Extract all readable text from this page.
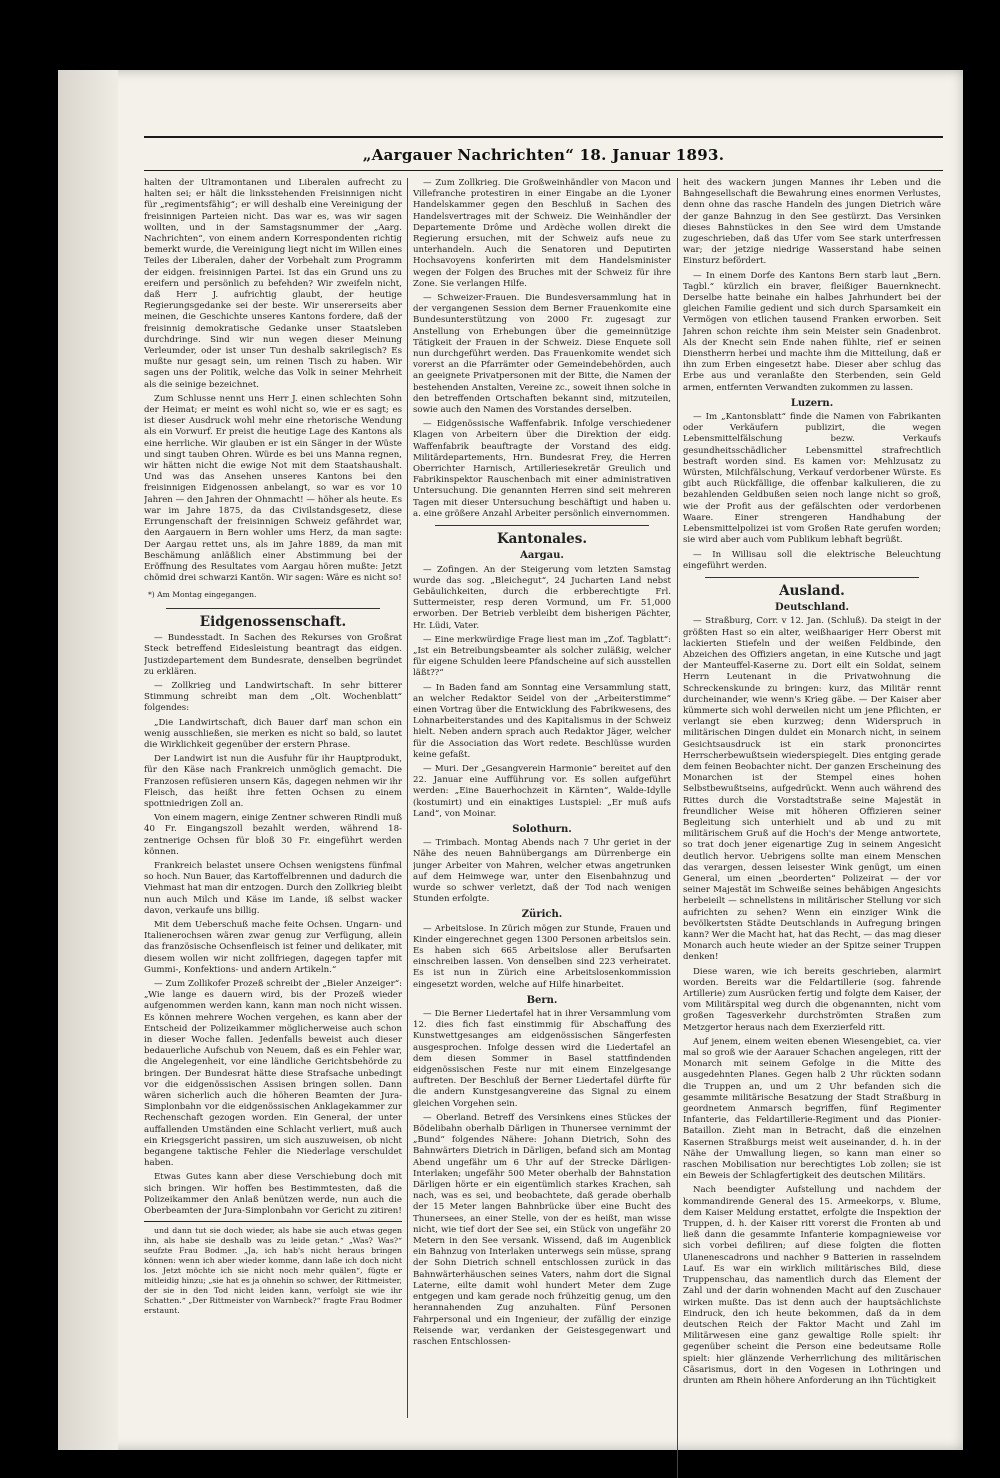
„Aargauer Nachrichten“ 18. Januar 1893.

halten der Ultramontanen und Liberalen aufrecht zu halten sei; er hält die linksstehenden Freisinnigen nicht für „regimentsfähig“; er will deshalb eine Vereinigung der freisinnigen Parteien nicht. Das war es, was wir sagen wollten, und in der Samstagsnummer der „Aarg. Nachrichten“, von einem andern Korrespondenten richtig bemerkt wurde, die Vereinigung liegt nicht im Willen eines Teiles der Liberalen, daher der Vorbehalt zum Programm der eidgen. freisinnigen Partei. Ist das ein Grund uns zu ereifern und persönlich zu befehden? Wir zweifeln nicht, daß Herr J. aufrichtig glaubt, der heutige Regierungsgedanke sei der beste. Wir unsererseits aber meinen, die Geschichte unseres Kantons fordere, daß der freisinnig demokratische Gedanke unser Staatsleben durchdringe. Sind wir nun wegen dieser Meinung Verleumder, oder ist unser Tun deshalb sakrilegisch? Es mußte nur gesagt sein, um reinen Tisch zu haben. Wir sagen uns der Politik, welche das Volk in seiner Mehrheit als die seinige bezeichnet.

Zum Schlusse nennt uns Herr J. einen schlechten Sohn der Heimat; er meint es wohl nicht so, wie er es sagt; es ist dieser Ausdruck wohl mehr eine rhetorische Wendung als ein Vorwurf. Er preist die heutige Lage des Kantons als eine herrliche. Wir glauben er ist ein Sänger in der Wüste und singt tauben Ohren. Würde es bei uns Manna regnen, wir hätten nicht die ewige Not mit dem Staatshaushalt. Und was das Ansehen unseres Kantons bei den freisinnigen Eidgenossen anbelangt, so war es vor 10 Jahren — den Jahren der Ohnmacht! — höher als heute. Es war im Jahre 1875, da das Civilstandsgesetz, diese Errungenschaft der freisinnigen Schweiz gefährdet war, den Aargauern in Bern wohler ums Herz, da man sagte: Der Aargau rettet uns, als im Jahre 1889, da man mit Beschämung anläßlich einer Abstimmung bei der Eröffnung des Resultates vom Aargau hören mußte: Jetzt chömid drei schwarzi Kantön. Wir sagen: Wäre es nicht so!

*) Am Montag eingegangen.

Eidgenossenschaft.

— Bundesstadt. In Sachen des Rekurses von Großrat Steck betreffend Eidesleistung beantragt das eidgen. Justizdepartement dem Bundesrate, denselben begründet zu erklären.

— Zollkrieg und Landwirtschaft. In sehr bitterer Stimmung schreibt man dem „Olt. Wochenblatt“ folgendes:

„Die Landwirtschaft, dich Bauer darf man schon ein wenig ausschließen, sie merken es nicht so bald, so lautet die Wirklichkeit gegenüber der erstern Phrase.

Der Landwirt ist nun die Ausfuhr für ihr Hauptprodukt, für den Käse nach Frankreich unmöglich gemacht. Die Franzosen refüsieren unsern Käs, dagegen nehmen wir ihr Fleisch, das heißt ihre fetten Ochsen zu einem spottniedrigen Zoll an.

Von einem magern, einige Zentner schweren Rindli muß 40 Fr. Eingangszoll bezahlt werden, während 18-zentnerige Ochsen für bloß 30 Fr. eingeführt werden können.

Frankreich belastet unsere Ochsen wenigstens fünfmal so hoch. Nun Bauer, das Kartoffelbrennen und dadurch die Viehmast hat man dir entzogen. Durch den Zollkrieg bleibt nun auch Milch und Käse im Lande, iß selbst wacker davon, verkaufe uns billig.

Mit dem Ueberschuß mache feite Ochsen. Ungarn- und Italienerochsen wären zwar genug zur Verfügung, allein das französische Ochsenfleisch ist feiner und delikater, mit diesem wollen wir nicht zollfriegen, dagegen tapfer mit Gummi-, Konfektions- und andern Artikeln.“

— Zum Zollikofer Prozeß schreibt der „Bieler Anzeiger“: „Wie lange es dauern wird, bis der Prozeß wieder aufgenommen werden kann, kann man noch nicht wissen. Es können mehrere Wochen vergehen, es kann aber der Entscheid der Polizeikammer möglicherweise auch schon in dieser Woche fallen. Jedenfalls beweist auch dieser bedauerliche Aufschub von Neuem, daß es ein Fehler war, die Angelegenheit, vor eine ländliche Gerichtsbehörde zu bringen. Der Bundesrat hätte diese Strafsache unbedingt vor die eidgenössischen Assisen bringen sollen. Dann wären sicherlich auch die höheren Beamten der Jura-Simplonbahn vor die eidgenössischen Anklagekammer zur Rechenschaft gezogen worden. Ein General, der unter auffallenden Umständen eine Schlacht verliert, muß auch ein Kriegsgericht passiren, um sich auszuweisen, ob nicht begangene taktische Fehler die Niederlage verschuldet haben.

Etwas Gutes kann aber diese Verschiebung doch mit sich bringen. Wir hoffen bes Bestimmtesten, daß die Polizeikammer den Anlaß benützen werde, nun auch die Oberbeamten der Jura-Simplonbahn vor Gericht zu zitiren!

und dann tut sie doch wieder, als habe sie auch etwas gegen ihn, als habe sie deshalb was zu leide getan.“ „Was? Was?“ seufzte Frau Bodmer. „Ja, ich hab's nicht heraus bringen können: wenn ich aber wieder komme, dann laße ich doch nicht los. Jetzt möchte ich sie nicht noch mehr quälen“, fügte er mitleidig hinzu; „sie hat es ja ohnehin so schwer, der Rittmeister, der sie in den Tod nicht leiden kann, verfolgt sie wie ihr Schatten.“ „Der Rittmeister von Warnbeck?“ fragte Frau Bodmer erstaunt.

— Zum Zollkrieg. Die Großweinhändler von Macon und Villefranche protestiren in einer Eingabe an die Lyoner Handelskammer gegen den Beschluß in Sachen des Handelsvertrages mit der Schweiz. Die Weinhändler der Departemente Drôme und Ardèche wollen direkt die Regierung ersuchen, mit der Schweiz aufs neue zu unterhandeln. Auch die Senatoren und Deputirten Hochsavoyens konferirten mit dem Handelsminister wegen der Folgen des Bruches mit der Schweiz für ihre Zone. Sie verlangen Hilfe.

— Schweizer-Frauen. Die Bundesversammlung hat in der vergangenen Session dem Berner Frauenkomite eine Bundesunterstützung von 2000 Fr. zugesagt zur Anstellung von Erhebungen über die gemeinnützige Tätigkeit der Frauen in der Schweiz. Diese Enquete soll nun durchgeführt werden. Das Frauenkomite wendet sich vorerst an die Pfarrämter oder Gemeindebehörden, auch an geeignete Privatpersonen mit der Bitte, die Namen der bestehenden Anstalten, Vereine zc., soweit ihnen solche in den betreffenden Ortschaften bekannt sind, mitzuteilen, sowie auch den Namen des Vorstandes derselben.

— Eidgenössische Waffenfabrik. Infolge verschiedener Klagen von Arbeitern über die Direktion der eidg. Waffenfabrik beauftragte der Vorstand des eidg. Militärdepartements, Hrn. Bundesrat Frey, die Herren Oberrichter Harnisch, Artilleriesekretär Greulich und Fabrikinspektor Rauschenbach mit einer administrativen Untersuchung. Die genannten Herren sind seit mehreren Tagen mit dieser Untersuchung beschäftigt und haben u. a. eine größere Anzahl Arbeiter persönlich einvernommen.

Kantonales.
Aargau.

— Zofingen. An der Steigerung vom letzten Samstag wurde das sog. „Bleichegut“, 24 Jucharten Land nebst Gebäulichkeiten, durch die erbberechtigte Frl. Suttermeister, resp deren Vormund, um Fr. 51,000 erworben. Der Betrieb verbleibt dem bisherigen Pächter, Hr. Lüdi, Vater.

— Eine merkwürdige Frage liest man im „Zof. Tagblatt“: „Ist ein Betreibungsbeamter als solcher zuläßig, welcher für eigene Schulden leere Pfandscheine auf sich ausstellen läßt??“

— In Baden fand am Sonntag eine Versammlung statt, an welcher Redaktor Seidel von der „Arbeiterstimme“ einen Vortrag über die Entwicklung des Fabrikwesens, des Lohnarbeiterstandes und des Kapitalismus in der Schweiz hielt. Neben andern sprach auch Redaktor Jäger, welcher für die Association das Wort redete. Beschlüsse wurden keine gefaßt.

— Muri. Der „Gesangverein Harmonie“ bereitet auf den 22. Januar eine Aufführung vor. Es sollen aufgeführt werden: „Eine Bauerhochzeit in Kärnten“, Walde-Idylle (kostumirt) und ein einaktiges Lustspiel: „Er muß aufs Land“, von Moinar.

Solothurn.

— Trimbach. Montag Abends nach 7 Uhr geriet in der Nähe des neuen Bahnübergangs am Dürrenberge ein junger Arbeiter von Mahren, welcher etwas angetrunken auf dem Heimwege war, unter den Eisenbahnzug und wurde so schwer verletzt, daß der Tod nach wenigen Stunden erfolgte.

Zürich.

— Arbeitslose. In Zürich mögen zur Stunde, Frauen und Kinder eingerechnet gegen 1300 Personen arbeitslos sein. Es haben sich 665 Arbeitslose aller Berufsarten einschreiben lassen. Von denselben sind 223 verheiratet. Es ist nun in Zürich eine Arbeitslosenkommission eingesetzt worden, welche auf Hilfe hinarbeitet.

Bern.

— Die Berner Liedertafel hat in ihrer Versammlung vom 12. dies fich fast einstimmig für Abschaffung des Kunstwettgesanges am eidgenössischen Sängerfesten ausgesprochen. Infolge dessen wird die Liedertafel an dem diesen Sommer in Basel stattfindenden eidgenössischen Feste nur mit einem Einzelgesange auftreten. Der Beschluß der Berner Liedertafel dürfte für die andern Kunstgesangvereine das Signal zu einem gleichen Vorgehen sein.

— Oberland. Betreff des Versinkens eines Stückes der Bödelibahn oberhalb Därligen in Thunersee vernimmt der „Bund“ folgendes Nähere: Johann Dietrich, Sohn des Bahnwärters Dietrich in Därligen, befand sich am Montag Abend ungefähr um 6 Uhr auf der Strecke Därligen-Interlaken; ungefähr 500 Meter oberhalb der Bahnstation Därligen hörte er ein eigentümlich starkes Krachen, sah nach, was es sei, und beobachtete, daß gerade oberhalb der 15 Meter langen Bahnbrücke über eine Bucht des Thunersees, an einer Stelle, von der es heißt, man wisse nicht, wie tief dort der See sei, ein Stück von ungefähr 20 Metern in den See versank. Wissend, daß im Augenblick ein Bahnzug von Interlaken unterwegs sein müsse, sprang der Sohn Dietrich schnell entschlossen zurück in das Bahnwärterhäuschen seines Vaters, nahm dort die Signal Laterne, eilte damit wohl hundert Meter dem Zuge entgegen und kam gerade noch frühzeitig genug, um den herannahenden Zug anzuhalten. Fünf Personen Fahrpersonal und ein Ingenieur, der zufällig der einzige Reisende war, verdanken der Geistesgegenwart und raschen Entschlossen-

heit des wackern jungen Mannes ihr Leben und die Bahngesellschaft die Bewahrung eines enormen Verlustes, denn ohne das rasche Handeln des jungen Dietrich wäre der ganze Bahnzug in den See gestürzt. Das Versinken dieses Bahnstückes in den See wird dem Umstande zugeschrieben, daß das Ufer vom See stark unterfressen war; der jetzige niedrige Wasserstand habe seinen Einsturz befördert.

— In einem Dorfe des Kantons Bern starb laut „Bern. Tagbl.“ kürzlich ein braver, fleißiger Bauernknecht. Derselbe hatte beinahe ein halbes Jahrhundert bei der gleichen Familie gedient und sich durch Sparsamkeit ein Vermögen von etlichen tausend Franken erworben. Seit Jahren schon reichte ihm sein Meister sein Gnadenbrot. Als der Knecht sein Ende nahen fühlte, rief er seinen Dienstherrn herbei und machte ihm die Mitteilung, daß er ihn zum Erben eingesetzt habe. Dieser aber schlug das Erbe aus und veranlaßte den Sterbenden, sein Geld armen, entfernten Verwandten zukommen zu lassen.

Luzern.

— Im „Kantonsblatt“ finde die Namen von Fabrikanten oder Verkäufern publizirt, die wegen Lebensmittelfälschung bezw. Verkaufs gesundheitsschädlicher Lebensmittel strafrechtlich bestraft worden sind. Es kamen vor: Mehlzusatz zu Würsten, Milchfälschung, Verkauf verdorbener Würste. Es gibt auch Rückfällige, die offenbar kalkulieren, die zu bezahlenden Geldbußen seien noch lange nicht so groß, wie der Profit aus der gefälschten oder verdorbenen Waare. Einer strengeren Handhabung der Lebensmittelpolizei ist vom Großen Rate gerufen worden; sie wird aber auch vom Publikum lebhaft begrüßt.

— In Willisau soll die elektrische Beleuchtung eingeführt werden.

Ausland.
Deutschland.

— Straßburg, Corr. v 12. Jan. (Schluß). Da steigt in der größten Hast so ein alter, weißhaariger Herr Oberst mit lackierten Stiefeln und der weißen Feldbinde, den Abzeichen des Offiziers angetan, in eine Kutsche und jagt der Manteuffel-Kaserne zu. Dort eilt ein Soldat, seinem Herrn Leutenant in die Privatwohnung die Schreckenskunde zu bringen: kurz, das Militär rennt durcheinander, wie wenn's Krieg gäbe. — Der Kaiser aber kümmerte sich wohl derweilen nicht um jene Pflichten, er verlangt sie eben kurzweg; denn Widerspruch in militärischen Dingen duldet ein Monarch nicht, in seinem Gesichtsausdruck ist ein stark prononcirtes Herrscherbewußtsein wiederspiegelt. Dies entging gerade dem feinen Beobachter nicht. Der ganzen Erscheinung des Monarchen ist der Stempel eines hohen Selbstbewußtseins, aufgedrückt. Wenn auch während des Rittes durch die Vorstadtstraße seine Majestät in freundlicher Weise mit höheren Offizieren seiner Begleitung sich unterhielt und ab und zu mit militärischem Gruß auf die Hoch's der Menge antwortete, so trat doch jener eigenartige Zug in seinem Angesicht deutlich hervor. Uebrigens sollte man einem Menschen das verargen, dessen leisester Wink genügt, um einen General, um einen „beorderten“ Polizeirat — der vor seiner Majestät im Schweiße seines behäbigen Angesichts herbeieilt — schnellstens in militärischer Stellung vor sich aufrichten zu sehen? Wenn ein einziger Wink die bevölkertsten Städte Deutschlands in Aufregung bringen kann? Wer die Macht hat, hat das Recht, — das mag dieser Monarch auch heute wieder an der Spitze seiner Truppen denken!

Diese waren, wie ich bereits geschrieben, alarmirt worden. Bereits war die Feldartillerie (sog. fahrende Artillerie) zum Ausrücken fertig und folgte dem Kaiser, der vom Militärspital weg durch die obgenannten, nicht vom großen Tagesverkehr durchströmten Straßen zum Metzgertor heraus nach dem Exerzierfeld ritt.

Auf jenem, einem weiten ebenen Wiesengebiet, ca. vier mal so groß wie der Aarauer Schachen angelegen, ritt der Monarch mit seinem Gefolge in die Mitte des ausgedehnten Planes. Gegen halb 2 Uhr rückten sodann die Truppen an, und um 2 Uhr befanden sich die gesammte militärische Besatzung der Stadt Straßburg in geordnetem Anmarsch begriffen, fünf Regimenter Infanterie, das Feldartillerie-Regiment und das Pionier-Bataillon. Zieht man in Betracht, daß die einzelnen Kasernen Straßburgs meist weit auseinander, d. h. in der Nähe der Umwallung liegen, so kann man einer so raschen Mobilisation nur berechtigtes Lob zollen; sie ist ein Beweis der Schlagfertigkeit des deutschen Militärs.

Nach beendigter Aufstellung und nachdem der kommandirende General des 15. Armeekorps, v. Blume, dem Kaiser Meldung erstattet, erfolgte die Inspektion der Truppen, d. h. der Kaiser ritt vorerst die Fronten ab und ließ dann die gesammte Infanterie kompagnieweise vor sich vorbei defiliren; auf diese folgten die flotten Ulanenescadrons und nachher 9 Batterien in rasselndem Lauf. Es war ein wirklich militärisches Bild, diese Truppenschau, das namentlich durch das Element der Zahl und der darin wohnenden Macht auf den Zuschauer wirken mußte. Das ist denn auch der hauptsächlichste Eindruck, den ich heute bekommen, daß da in dem deutschen Reich der Faktor Macht und Zahl im Militärwesen eine ganz gewaltige Rolle spielt: ihr gegenüber scheint die Person eine bedeutsame Rolle spielt: hier glänzende Verherrlichung des militärischen Cäsarismus, dort in den Vogesen in Lothringen und drunten am Rhein höhere Anforderung an ihn Tüchtigkeit
